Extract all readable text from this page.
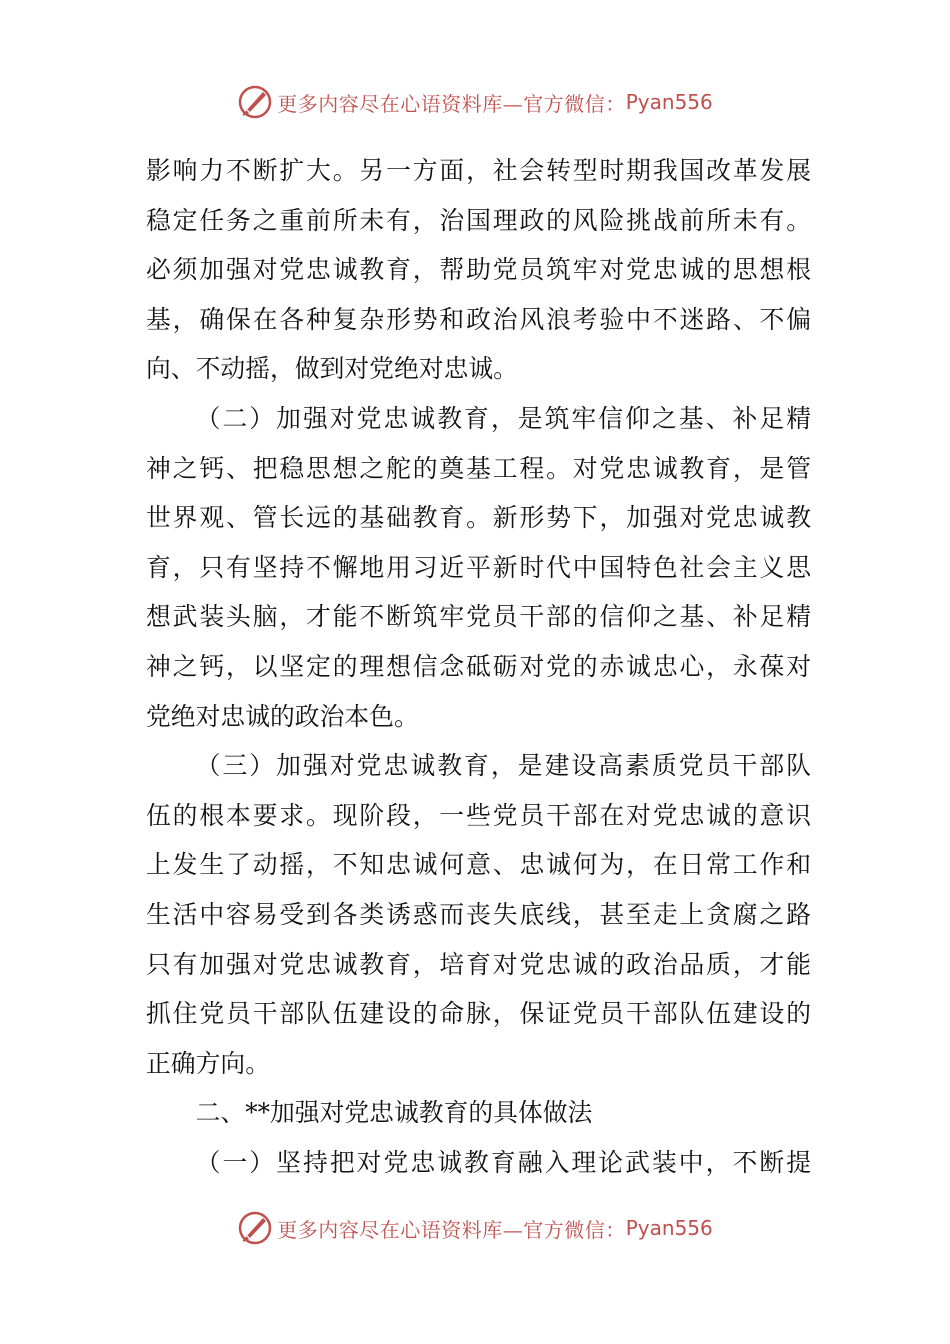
更多内容尽在心语资料库—官方微信： Pyan556
影响力不断扩大。另一方面，社会转型时期我国改革发展
稳定任务之重前所未有，治国理政的风险挑战前所未有。
必须加强对党忠诚教育，帮助党员筑牢对党忠诚的思想根
基，确保在各种复杂形势和政治风浪考验中不迷路、不偏
向、不动摇，做到对党绝对忠诚。
（二）加强对党忠诚教育，是筑牢信仰之基、补足精
神之钙、把稳思想之舵的奠基工程。对党忠诚教育，是管
世界观、管长远的基础教育。新形势下，加强对党忠诚教
育，只有坚持不懈地用习近平新时代中国特色社会主义思
想武装头脑，才能不断筑牢党员干部的信仰之基、补足精
神之钙，以坚定的理想信念砥砺对党的赤诚忠心，永葆对
党绝对忠诚的政治本色。
（三）加强对党忠诚教育，是建设高素质党员干部队
伍的根本要求。现阶段，一些党员干部在对党忠诚的意识
上发生了动摇，不知忠诚何意、忠诚何为，在日常工作和
生活中容易受到各类诱惑而丧失底线，甚至走上贪腐之路
只有加强对党忠诚教育，培育对党忠诚的政治品质，才能
抓住党员干部队伍建设的命脉，保证党员干部队伍建设的
正确方向。
二、**加强对党忠诚教育的具体做法
（一）坚持把对党忠诚教育融入理论武装中，不断提
更多内容尽在心语资料库—官方微信： Pyan556
